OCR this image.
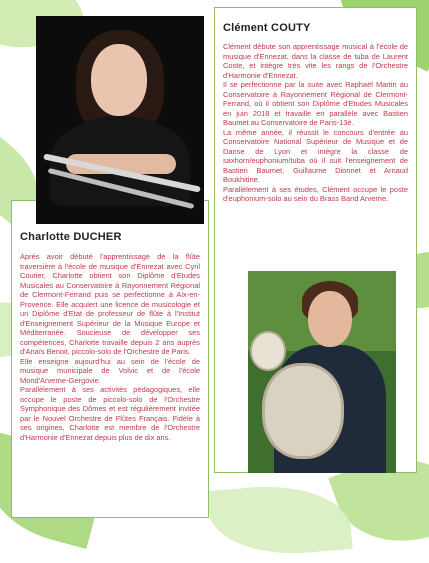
Clément COUTY

Clément débute son apprentissage musical à l'école de musique d'Ennezat, dans la classe de tuba de Laurent Coste, et intègre très vite les rangs de l'Orchestre d'Harmonie d'Ennezat.

Il se perfectionne par la suite avec Raphaël Martin au Conservatoire à Rayonnement Régional de Clermont-Ferrand, où il obtient son Diplôme d'Etudes Musicales en juin 2018 et travaille en parallèle avec Bastien Baumet au Conservatoire de Paris-13è.

La même année, il réussit le concours d'entrée au Conservatoire National Supérieur de Musique et de Danse de Lyon et intègre la classe de saxhorn/euphonium/tuba où il suit l'enseignement de Bastien Baumet, Guillaume Dionnet et Arnaud Boukhitine.

Parallèlement à ses études, Clément occupe le poste d'euphonium-solo au sein du Brass Band Arverne.

Charlotte DUCHER

Après avoir débuté l'apprentissage de la flûte traversière à l'école de musique d'Ennezat avec Cyril Coutier, Charlotte obtient son Diplôme d'Etudes Musicales au Conservatoire à Rayonnement Régional de Clermont-Ferrand puis se perfectionne à Aix-en-Provence. Elle acquiert une licence de musicologie et un Diplôme d'Etat de professeur de flûte à l'Institut d'Enseignement Supérieur de la Musique Europe et Méditerranée. Soucieuse de développer ses compétences, Charlotte travaille depuis 2 ans auprès d'Anaïs Benoit, piccolo-solo de l'Orchestre de Paris.

Elle enseigne aujourd'hui au sein de l'école de musique municipale de Volvic et de l'école Mond'Arverne-Gergovie.

Parallèlement à ses activités pédagogiques, elle occupe le poste de piccolo-solo de l'Orchestre Symphonique des Dômes et est régulièrement invitée par le Nouvel Orchestre de Flûtes Français. Fidèle à ses origines, Charlotte est membre de l'Orchestre d'Harmonie d'Ennezat depuis plus de dix ans.
